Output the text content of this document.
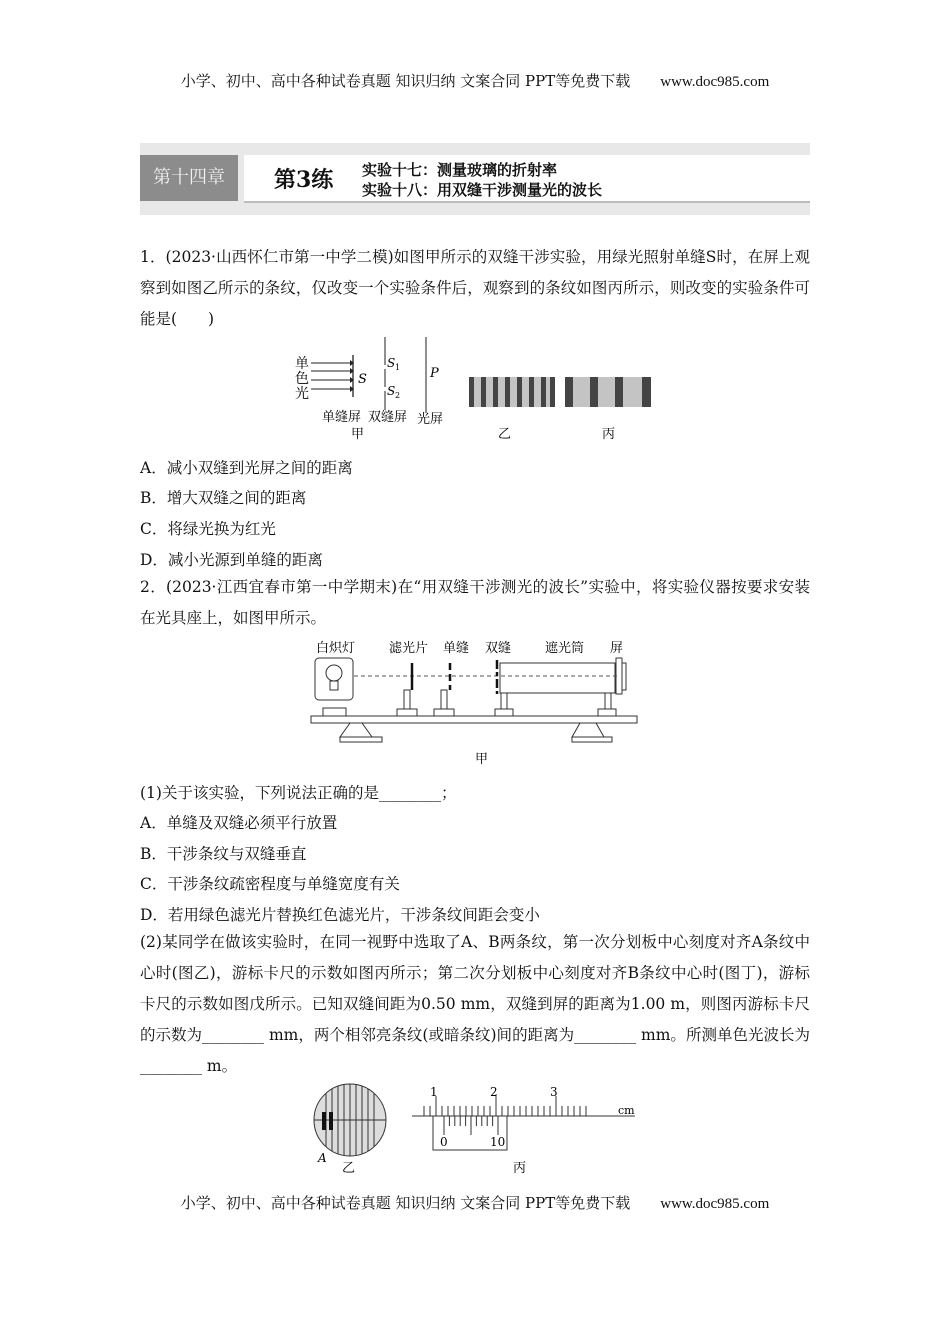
小学、初中、高中各种试卷真题 知识归纳 文案合同 PPT等免费下载 www.doc985.com
第十四章	第3练 实验十七：测量玻璃的折射率
实验十八：用双缝干涉测量光的波长
1．(2023·山西怀仁市第一中学二模)如图甲所示的双缝干涉实验，用绿光照射单缝S时，在屏上观察到如图乙所示的条纹，仅改变一个实验条件后，观察到的条纹如图丙所示，则改变的实验条件可能是(　　)
单
色
光
S
S 1
S 2
P
单缝屏 双缝屏 光屏
甲	乙	丙
A．减小双缝到光屏之间的距离
B．增大双缝之间的距离
C．将绿光换为红光
D．减小光源到单缝的距离
2．(2023·江西宜春市第一中学期末)在“用双缝干涉测光的波长”实验中，将实验仪器按要求安装在光具座上，如图甲所示。
白炽灯	滤光片 单缝 双缝	遮光筒 屏
甲
(1)关于该实验，下列说法正确的是________；
A．单缝及双缝必须平行放置
B．干涉条纹与双缝垂直
C．干涉条纹疏密程度与单缝宽度有关
D．若用绿色滤光片替换红色滤光片，干涉条纹间距会变小
(2)某同学在做该实验时，在同一视野中选取了A、B两条纹，第一次分划板中心刻度对齐A条纹中心时(图乙)，游标卡尺的示数如图丙所示；第二次分划板中心刻度对齐B条纹中心时(图丁)，游标卡尺的示数如图戊所示。已知双缝间距为0.50 mm，双缝到屏的距离为1.00 m，则图丙游标卡尺的示数为________ mm，两个相邻亮条纹(或暗条纹)间的距离为________ mm。所测单色光波长为________ m。
A
乙	丙
1	2	3
cm
0	10
小学、初中、高中各种试卷真题 知识归纳 文案合同 PPT等免费下载 www.doc985.com
